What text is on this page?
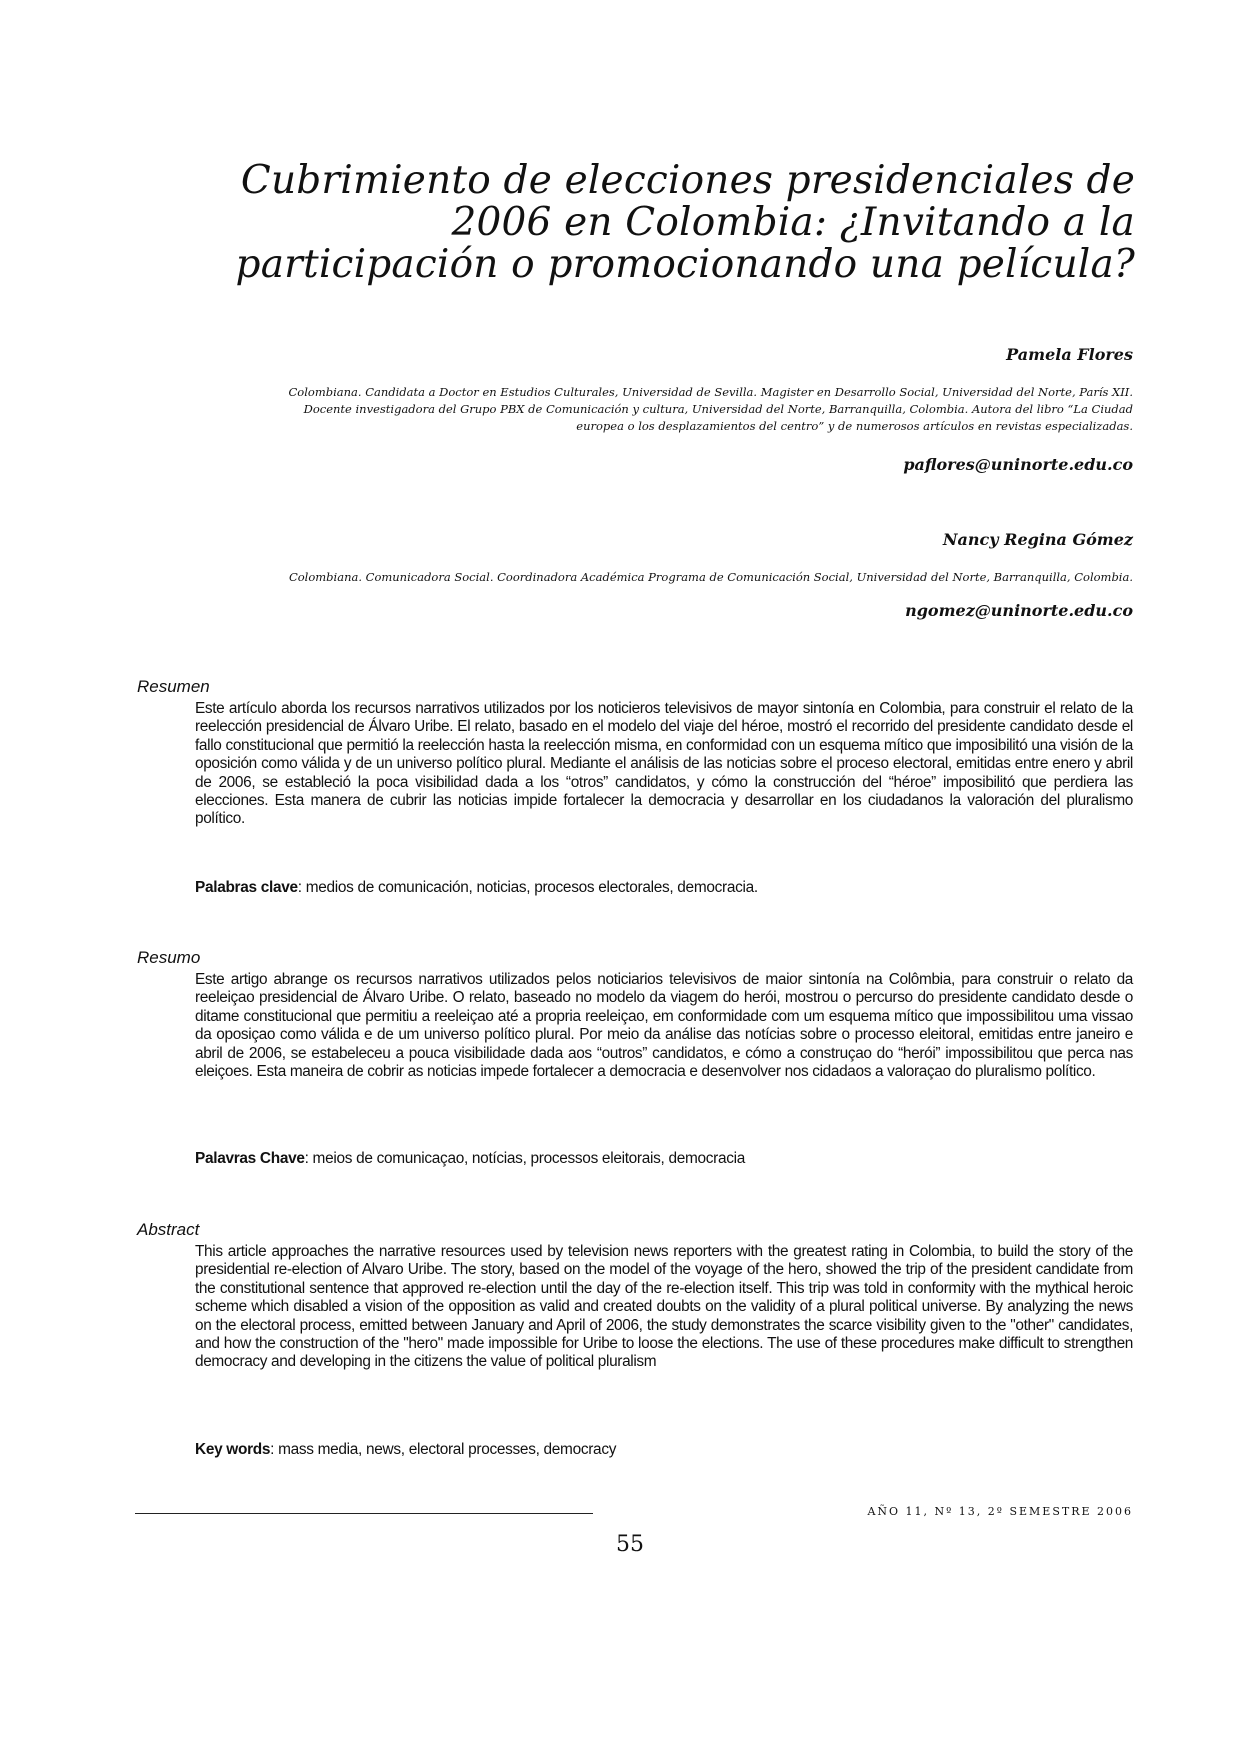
Cubrimiento de elecciones presidenciales de
2006 en Colombia: ¿Invitando a la
participación o promocionando una película?
Pamela Flores
Colombiana. Candidata a Doctor en Estudios Culturales, Universidad de Sevilla. Magister en Desarrollo Social, Universidad del Norte, París XII.
Docente investigadora del Grupo PBX de Comunicación y cultura, Universidad del Norte, Barranquilla, Colombia. Autora del libro “La Ciudad
europea o los desplazamientos del centro” y de numerosos artículos en revistas especializadas.
paflores@uninorte.edu.co
Nancy Regina Gómez
Colombiana. Comunicadora Social. Coordinadora Académica Programa de Comunicación Social, Universidad del Norte, Barranquilla, Colombia.
ngomez@uninorte.edu.co
Resumen
Este artículo aborda los recursos narrativos utilizados por los noticieros televisivos de mayor sintonía en Colombia, para construir el relato de la reelección presidencial de Álvaro Uribe. El relato, basado en el modelo del viaje del héroe, mostró el recorrido del presidente candidato desde el fallo constitucional que permitió la reelección hasta la reelección misma, en conformidad con un esquema mítico que imposibilitó una visión de la oposición como válida y de un universo político plural. Mediante el análisis de las noticias sobre el proceso electoral, emitidas entre enero y abril de 2006, se estableció la poca visibilidad dada a los “otros” candidatos, y cómo la construcción del “héroe” imposibilitó que perdiera las elecciones. Esta manera de cubrir las noticias impide fortalecer la democracia y desarrollar en los ciudadanos la valoración del pluralismo político.
Palabras clave: medios de comunicación, noticias, procesos electorales, democracia.
Resumo
Este artigo abrange os recursos narrativos utilizados pelos noticiarios televisivos de maior sintonía na Colômbia, para construir o relato da reeleiçao presidencial de Álvaro Uribe. O relato, baseado no modelo da viagem do herói, mostrou o percurso do presidente candidato desde o ditame constitucional que permitiu a reeleiçao até a propria reeleiçao, em conformidade com um esquema mítico que impossibilitou uma vissao da oposiçao como válida e de um universo político plural. Por meio da análise das notícias sobre o processo eleitoral, emitidas entre janeiro e abril de 2006, se estabeleceu a pouca visibilidade dada aos “outros” candidatos, e cómo a construçao do “herói” impossibilitou que perca nas eleiçoes. Esta maneira de cobrir as noticias impede fortalecer a democracia e desenvolver nos cidadaos a valoraçao do pluralismo político.
Palavras Chave: meios de comunicaçao, notícias, processos eleitorais, democracia
Abstract
This article approaches the narrative resources used by television news reporters with the greatest rating in Colombia, to build the story of the presidential re-election of Alvaro Uribe. The story, based on the model of the voyage of the hero, showed the trip of the president candidate from the constitutional sentence that approved re-election until the day of the re-election itself. This trip was told in conformity with the mythical heroic scheme which disabled a vision of the opposition as valid and created doubts on the validity of a plural political universe. By analyzing the news on the electoral process, emitted between January and April of 2006, the study demonstrates the scarce visibility given to the "other" candidates, and how the construction of the "hero" made impossible for Uribe to loose the elections. The use of these procedures make difficult to strengthen democracy and developing in the citizens the value of political pluralism
Key words: mass media, news, electoral processes, democracy
AÑO 11, Nº 13, 2º SEMESTRE 2006
55
